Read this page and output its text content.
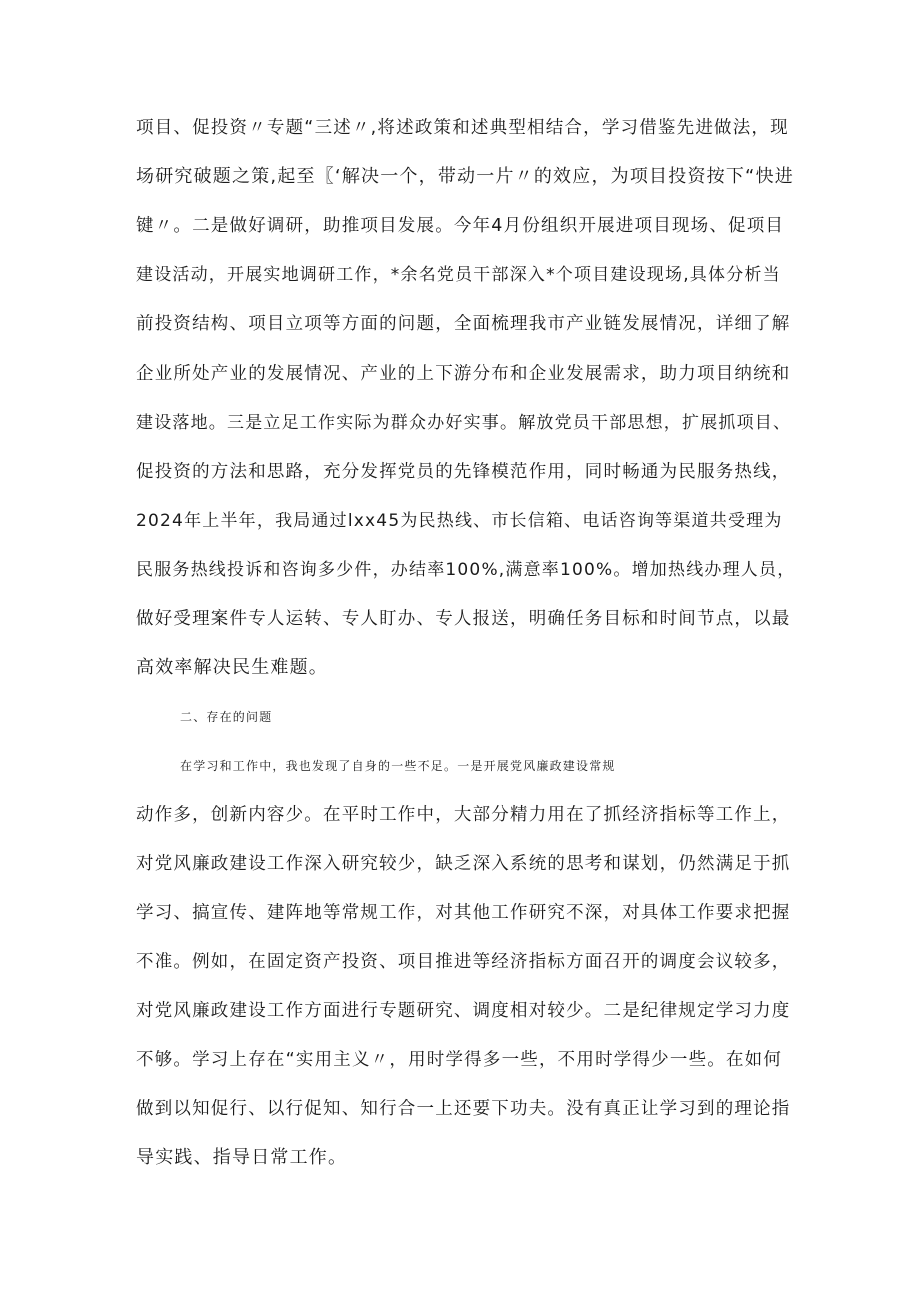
项目、促投资〃专题“三述〃,将述政策和述典型相结合，学习借鉴先进做法，现
场研究破题之策,起至〖‘解决一个，带动一片〃的效应，为项目投资按下“快进
键〃。二是做好调研，助推项目发展。今年4月份组织开展进项目现场、促项目
建设活动，开展实地调研工作，*余名党员干部深入*个项目建设现场,具体分析当
前投资结构、项目立项等方面的问题，全面梳理我市产业链发展情况，详细了解
企业所处产业的发展情况、产业的上下游分布和企业发展需求，助力项目纳统和
建设落地。三是立足工作实际为群众办好实事。解放党员干部思想，扩展抓项目、
促投资的方法和思路，充分发挥党员的先锋模范作用，同时畅通为民服务热线，
2024年上半年，我局通过lxx45为民热线、市长信箱、电话咨询等渠道共受理为
民服务热线投诉和咨询多少件，办结率100%,满意率100%。增加热线办理人员，
做好受理案件专人运转、专人盯办、专人报送，明确任务目标和时间节点，以最
高效率解决民生难题。
二、存在的问题
在学习和工作中，我也发现了自身的一些不足。一是开展党风廉政建设常规
动作多，创新内容少。在平时工作中，大部分精力用在了抓经济指标等工作上，
对党风廉政建设工作深入研究较少，缺乏深入系统的思考和谋划，仍然满足于抓
学习、搞宣传、建阵地等常规工作，对其他工作研究不深，对具体工作要求把握
不准。例如，在固定资产投资、项目推进等经济指标方面召开的调度会议较多，
对党风廉政建设工作方面进行专题研究、调度相对较少。二是纪律规定学习力度
不够。学习上存在“实用主义〃，用时学得多一些，不用时学得少一些。在如何
做到以知促行、以行促知、知行合一上还要下功夫。没有真正让学习到的理论指
导实践、指导日常工作。
